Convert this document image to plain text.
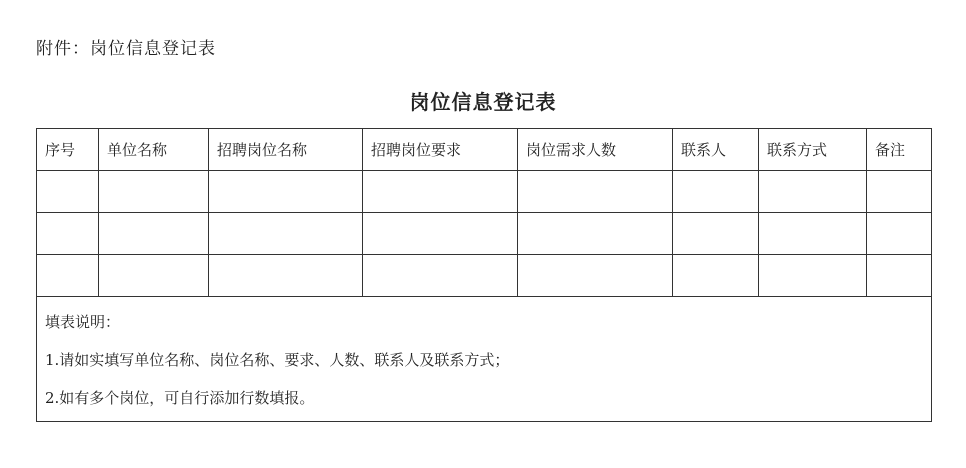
附件：岗位信息登记表
岗位信息登记表
序号	单位名称	招聘岗位名称	招聘岗位要求	岗位需求人数	联系人	联系方式	备注

填表说明：
1.请如实填写单位名称、岗位名称、要求、人数、联系人及联系方式；
2.如有多个岗位，可自行添加行数填报。							
